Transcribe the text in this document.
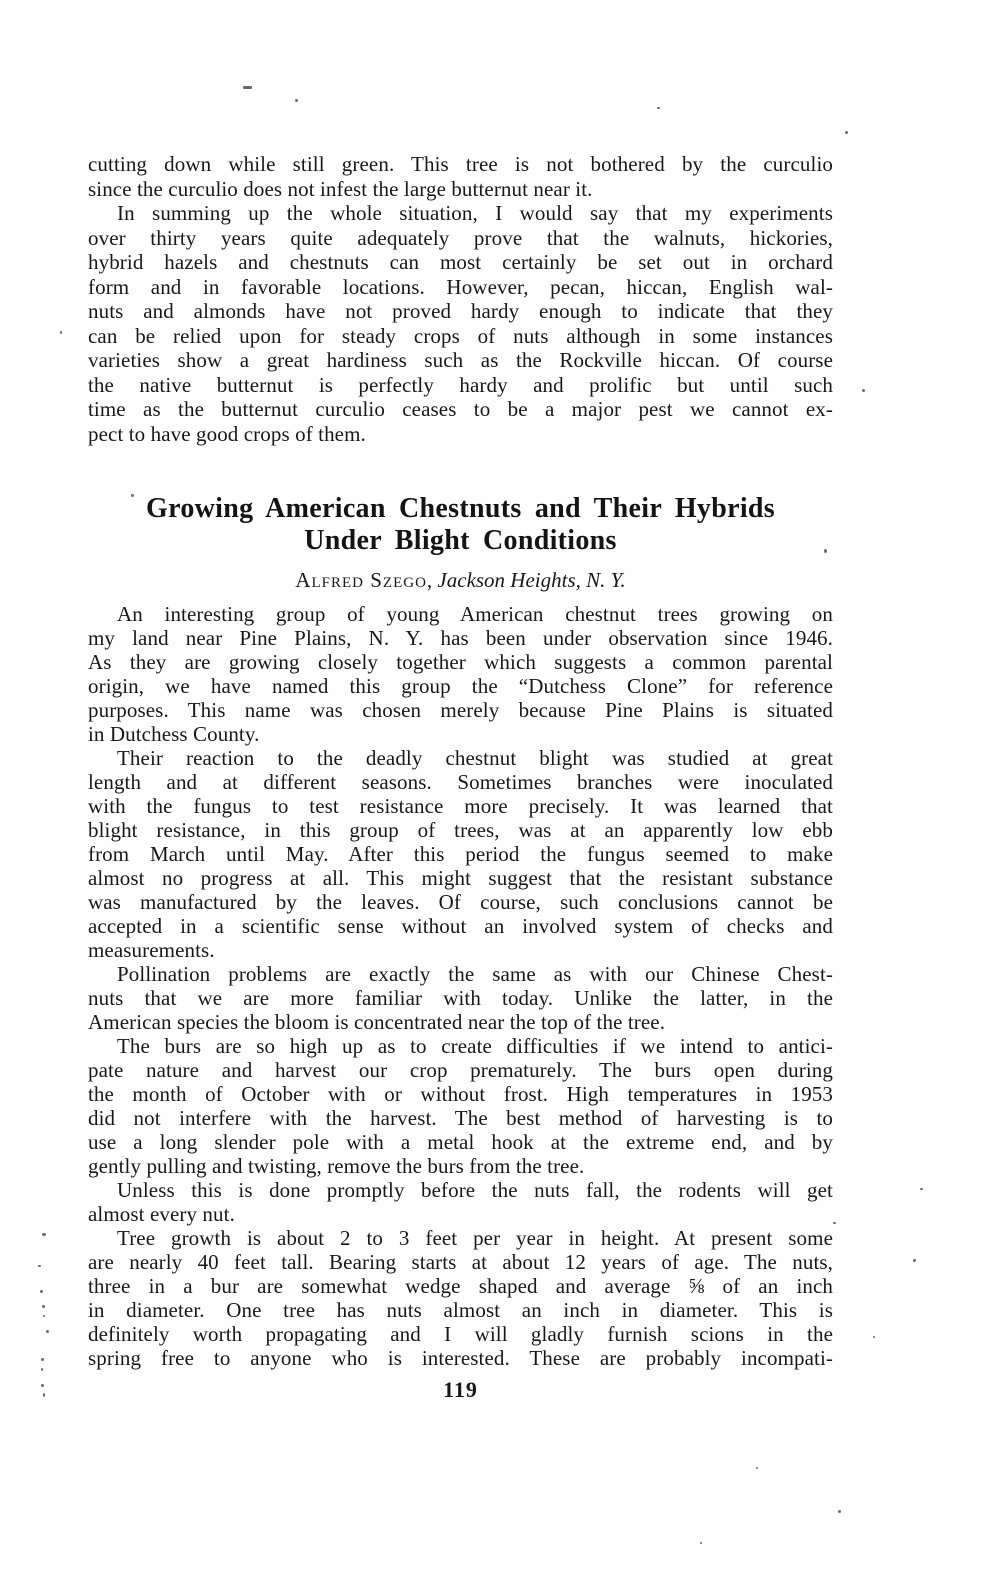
cutting down while still green. This tree is not bothered by the curculio
since the curculio does not infest the large butternut near it.
In summing up the whole situation, I would say that my experiments
over thirty years quite adequately prove that the walnuts, hickories,
hybrid hazels and chestnuts can most certainly be set out in orchard
form and in favorable locations. However, pecan, hiccan, English wal-
nuts and almonds have not proved hardy enough to indicate that they
can be relied upon for steady crops of nuts although in some instances
varieties show a great hardiness such as the Rockville hiccan. Of course
the native butternut is perfectly hardy and prolific but until such
time as the butternut curculio ceases to be a major pest we cannot ex-
pect to have good crops of them.
Growing American Chestnuts and Their Hybrids
Under Blight Conditions
Alfred Szego, Jackson Heights, N. Y.
An interesting group of young American chestnut trees growing on
my land near Pine Plains, N. Y. has been under observation since 1946.
As they are growing closely together which suggests a common parental
origin, we have named this group the “Dutchess Clone” for reference
purposes. This name was chosen merely because Pine Plains is situated
in Dutchess County.
Their reaction to the deadly chestnut blight was studied at great
length and at different seasons. Sometimes branches were inoculated
with the fungus to test resistance more precisely. It was learned that
blight resistance, in this group of trees, was at an apparently low ebb
from March until May. After this period the fungus seemed to make
almost no progress at all. This might suggest that the resistant substance
was manufactured by the leaves. Of course, such conclusions cannot be
accepted in a scientific sense without an involved system of checks and
measurements.
Pollination problems are exactly the same as with our Chinese Chest-
nuts that we are more familiar with today. Unlike the latter, in the
American species the bloom is concentrated near the top of the tree.
The burs are so high up as to create difficulties if we intend to antici-
pate nature and harvest our crop prematurely. The burs open during
the month of October with or without frost. High temperatures in 1953
did not interfere with the harvest. The best method of harvesting is to
use a long slender pole with a metal hook at the extreme end, and by
gently pulling and twisting, remove the burs from the tree.
Unless this is done promptly before the nuts fall, the rodents will get
almost every nut.
Tree growth is about 2 to 3 feet per year in height. At present some
are nearly 40 feet tall. Bearing starts at about 12 years of age. The nuts,
three in a bur are somewhat wedge shaped and average ⅝ of an inch
in diameter. One tree has nuts almost an inch in diameter. This is
definitely worth propagating and I will gladly furnish scions in the
spring free to anyone who is interested. These are probably incompati-
119
